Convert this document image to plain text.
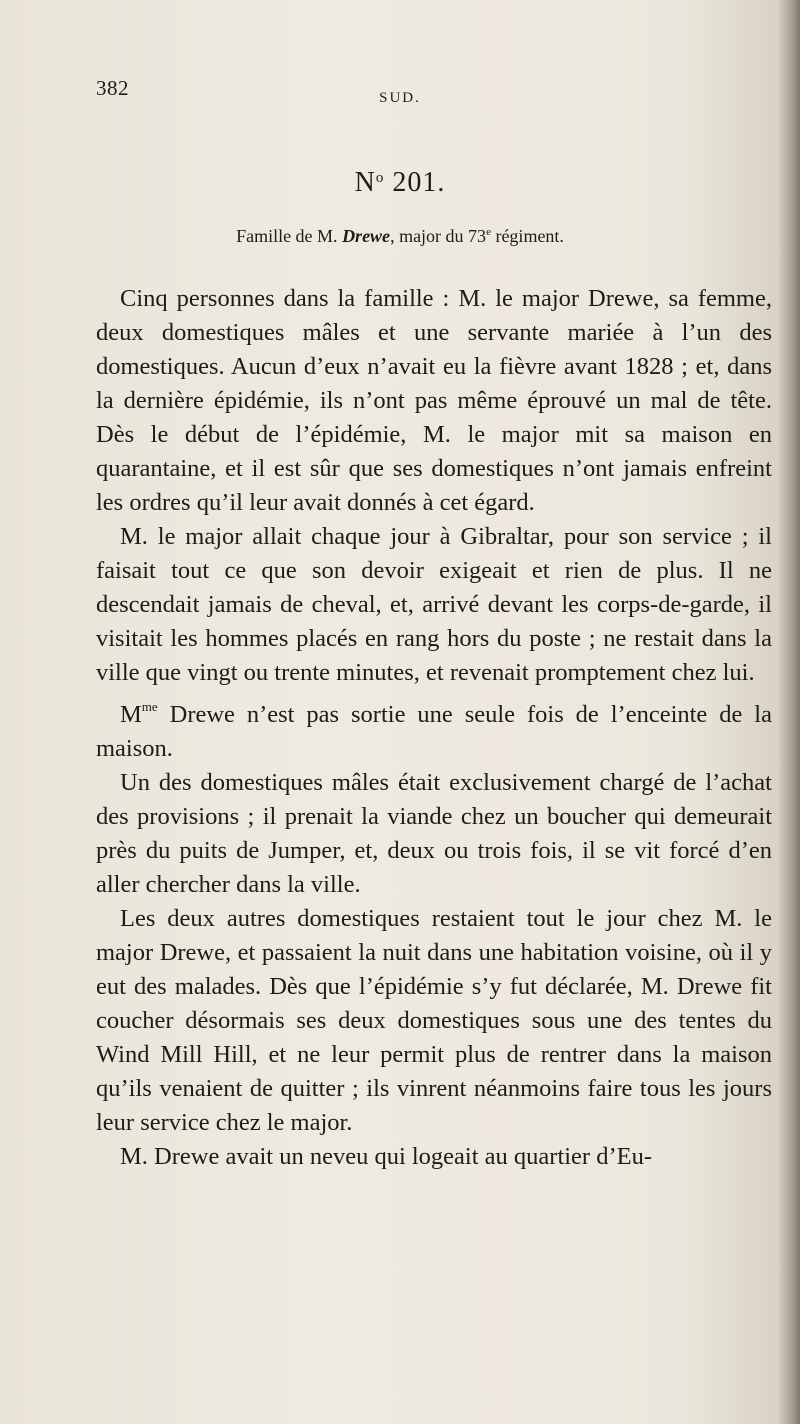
382	SUD.
$N^o$ 201.
Famille de M. Drewe, major du 73e régiment.

Cinq personnes dans la famille : M. le major Drewe, sa femme, deux domestiques mâles et une servante mariée à l’un des domestiques. Aucun d’eux n’avait eu la fièvre avant 1828 ; et, dans la dernière épidémie, ils n’ont pas même éprouvé un mal de tête. Dès le début de l’épidémie, M. le major mit sa maison en quarantaine, et il est sûr que ses domestiques n’ont jamais enfreint les ordres qu’il leur avait donnés à cet égard.

M. le major allait chaque jour à Gibraltar, pour son service ; il faisait tout ce que son devoir exigeait et rien de plus. Il ne descendait jamais de cheval, et, arrivé devant les corps-de-garde, il visitait les hommes placés en rang hors du poste ; ne restait dans la ville que vingt ou trente minutes, et revenait promptement chez lui.

$M^{me}$ Drewe n’est pas sortie une seule fois de l’enceinte de la maison.

Un des domestiques mâles était exclusivement chargé de l’achat des provisions ; il prenait la viande chez un boucher qui demeurait près du puits de Jumper, et, deux ou trois fois, il se vit forcé d’en aller chercher dans la ville.

Les deux autres domestiques restaient tout le jour chez M. le major Drewe, et passaient la nuit dans une habitation voisine, où il y eut des malades. Dès que l’épidémie s’y fut déclarée, M. Drewe fit coucher désormais ses deux domestiques sous une des tentes du Wind Mill Hill, et ne leur permit plus de rentrer dans la maison qu’ils venaient de quitter ; ils vinrent néanmoins faire tous les jours leur service chez le major.

M. Drewe avait un neveu qui logeait au quartier d’Eu-
